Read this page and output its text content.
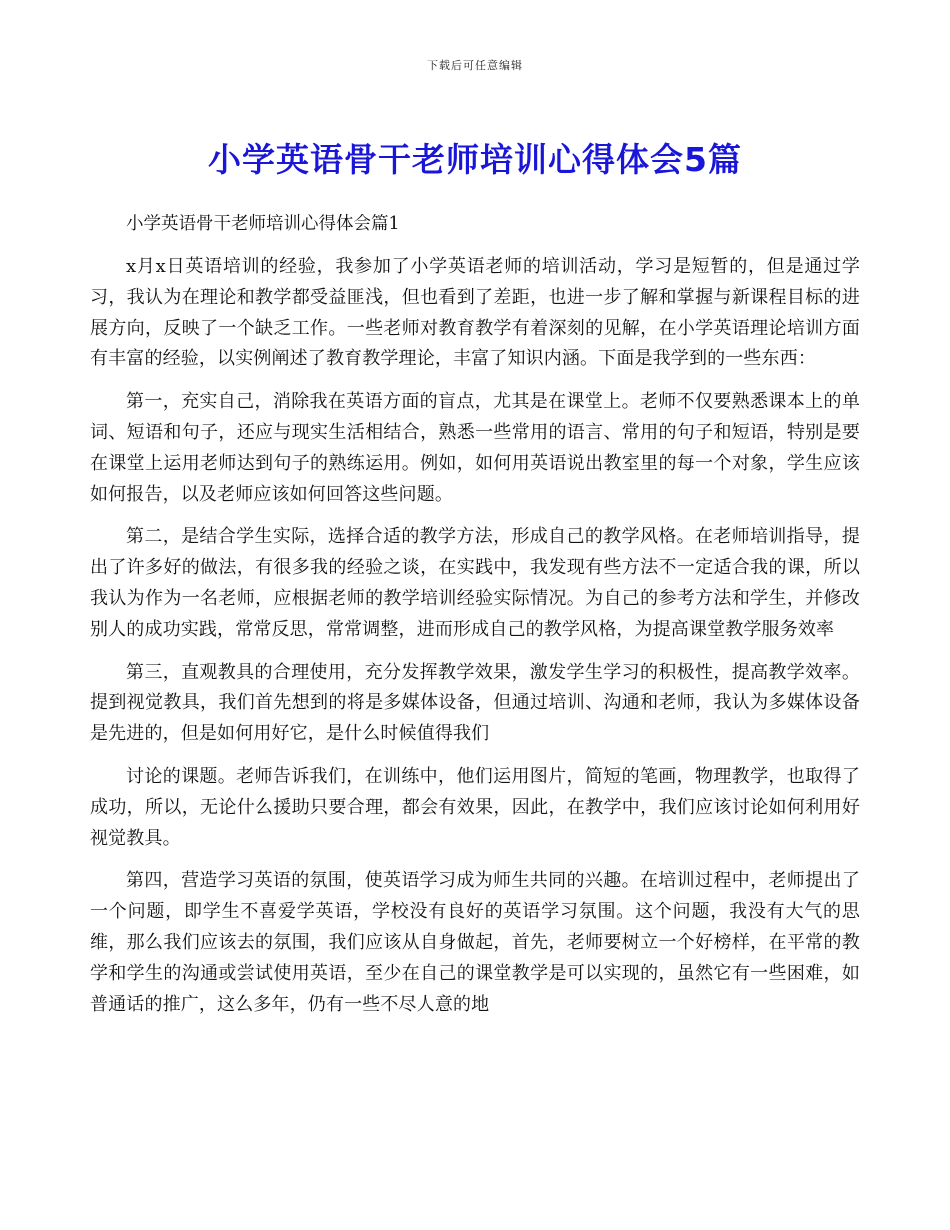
下载后可任意编辑
小学英语骨干老师培训心得体会5篇
小学英语骨干老师培训心得体会篇1

x月x日英语培训的经验，我参加了小学英语老师的培训活动，学习是短暂的，但是通过学习，我认为在理论和教学都受益匪浅，但也看到了差距，也进一步了解和掌握与新课程目标的进展方向，反映了一个缺乏工作。一些老师对教育教学有着深刻的见解，在小学英语理论培训方面有丰富的经验，以实例阐述了教育教学理论，丰富了知识内涵。下面是我学到的一些东西：

第一，充实自己，消除我在英语方面的盲点，尤其是在课堂上。老师不仅要熟悉课本上的单词、短语和句子，还应与现实生活相结合，熟悉一些常用的语言、常用的句子和短语，特别是要在课堂上运用老师达到句子的熟练运用。例如，如何用英语说出教室里的每一个对象，学生应该如何报告，以及老师应该如何回答这些问题。

第二，是结合学生实际，选择合适的教学方法，形成自己的教学风格。在老师培训指导，提出了许多好的做法，有很多我的经验之谈，在实践中，我发现有些方法不一定适合我的课，所以我认为作为一名老师，应根据老师的教学培训经验实际情况。为自己的参考方法和学生，并修改别人的成功实践，常常反思，常常调整，进而形成自己的教学风格，为提高课堂教学服务效率

第三，直观教具的合理使用，充分发挥教学效果，激发学生学习的积极性，提高教学效率。提到视觉教具，我们首先想到的将是多媒体设备，但通过培训、沟通和老师，我认为多媒体设备是先进的，但是如何用好它，是什么时候值得我们

讨论的课题。老师告诉我们，在训练中，他们运用图片，简短的笔画，物理教学，也取得了成功，所以，无论什么援助只要合理，都会有效果，因此，在教学中，我们应该讨论如何利用好视觉教具。

第四，营造学习英语的氛围，使英语学习成为师生共同的兴趣。在培训过程中，老师提出了一个问题，即学生不喜爱学英语，学校没有良好的英语学习氛围。这个问题，我没有大气的思维，那么我们应该去的氛围，我们应该从自身做起，首先，老师要树立一个好榜样，在平常的教学和学生的沟通或尝试使用英语，至少在自己的课堂教学是可以实现的，虽然它有一些困难，如普通话的推广，这么多年，仍有一些不尽人意的地
